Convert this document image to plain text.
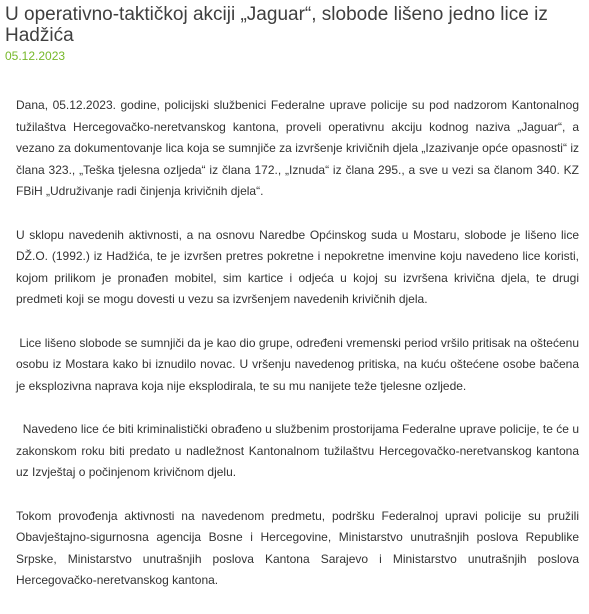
U operativno-taktičkoj akciji „Jaguar“, slobode lišeno jedno lice iz Hadžića
05.12.2023

Dana, 05.12.2023. godine, policijski službenici Federalne uprave policije su pod nadzorom Kantonalnog tužilaštva Hercegovačko-neretvanskog kantona, proveli operativnu akciju kodnog naziva „Jaguar“, a vezano za dokumentovanje lica koja se sumnjiče za izvršenje krivičnih djela „Izazivanje opće opasnosti“ iz člana 323., „Teška tjelesna ozljeda“ iz člana 172., „Iznuda“ iz člana 295., a sve u vezi sa članom 340. KZ FBiH „Udruživanje radi činjenja krivičnih djela“.

U sklopu navedenih aktivnosti, a na osnovu Naredbe Općinskog suda u Mostaru, slobode je lišeno lice DŽ.O. (1992.) iz Hadžića, te je izvršen pretres pokretne i nepokretne imenvine koju navedeno lice koristi, kojom prilikom je pronađen mobitel, sim kartice i odjeća u kojoj su izvršena krivična djela, te drugi predmeti koji se mogu dovesti u vezu sa izvršenjem navedenih krivičnih djela.

Lice lišeno slobode se sumnjiči da je kao dio grupe, određeni vremenski period vršilo pritisak na oštećenu osobu iz Mostara kako bi iznudilo novac. U vršenju navedenog pritiska, na kuću oštećene osobe bačena je eksplozivna naprava koja nije eksplodirala, te su mu nanijete teže tjelesne ozljede.

Navedeno lice će biti kriminalistički obrađeno u službenim prostorijama Federalne uprave policije, te će u zakonskom roku biti predato u nadležnost Kantonalnom tužilaštvu Hercegovačko-neretvanskog kantona uz Izvještaj o počinjenom krivičnom djelu.

Tokom provođenja aktivnosti na navedenom predmetu, podršku Federalnoj upravi policije su pružili Obavještajno-sigurnosna agencija Bosne i Hercegovine, Ministarstvo unutrašnjih poslova Republike Srpske, Ministarstvo unutrašnjih poslova Kantona Sarajevo i Ministarstvo unutrašnjih poslova Hercegovačko-neretvanskog kantona.
